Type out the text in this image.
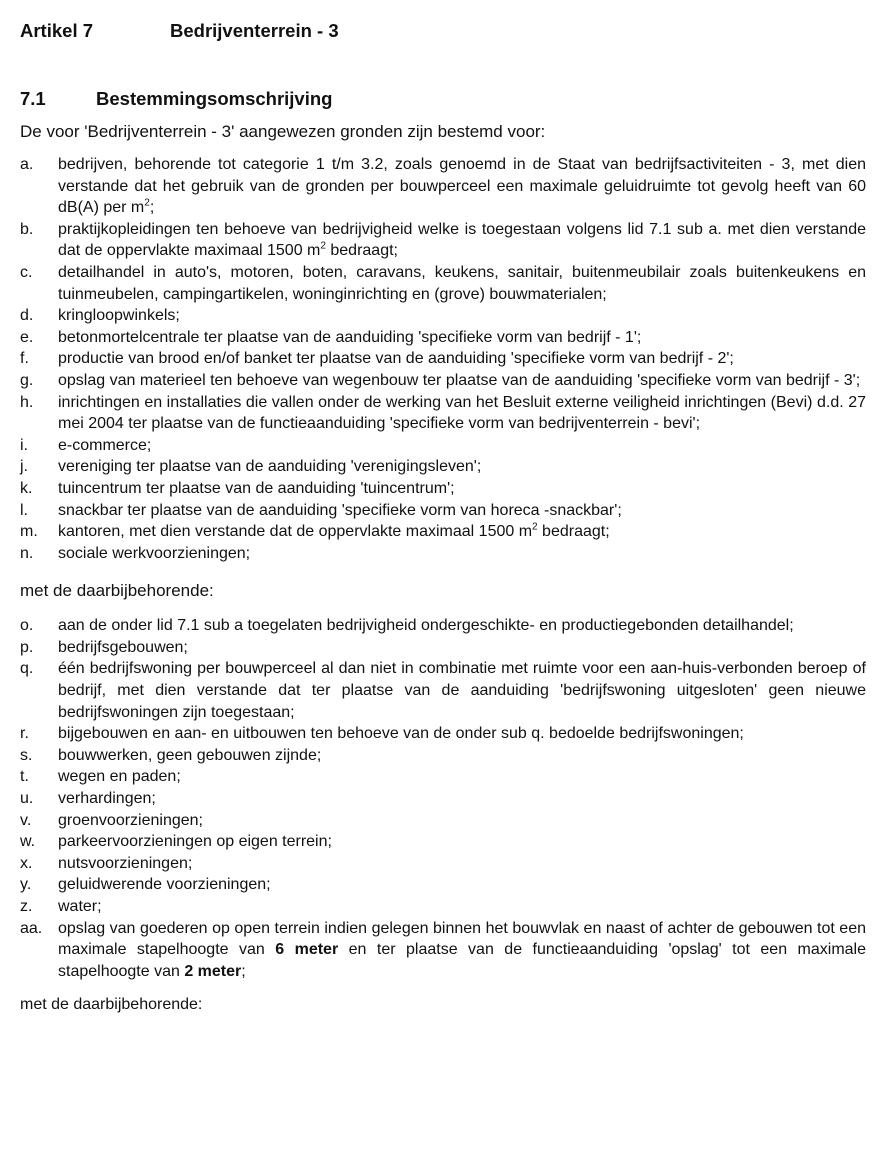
Artikel 7	Bedrijventerrein - 3
7.1	Bestemmingsomschrijving
De voor 'Bedrijventerrein - 3' aangewezen gronden zijn bestemd voor:
a.	bedrijven, behorende tot categorie 1 t/m 3.2, zoals genoemd in de Staat van bedrijfsactiviteiten - 3, met dien verstande dat het gebruik van de gronden per bouwperceel een maximale geluidruimte tot gevolg heeft van 60 dB(A) per $m^2$;
b.	praktijkopleidingen ten behoeve van bedrijvigheid welke is toegestaan volgens lid 7.1 sub a. met dien verstande dat de oppervlakte maximaal 1500 $m^2$ bedraagt;
c.	detailhandel in auto's, motoren, boten, caravans, keukens, sanitair, buitenmeubilair zoals buitenkeukens en tuinmeubelen, campingartikelen, woninginrichting en (grove) bouwmaterialen;
d.	kringloopwinkels;
e.	betonmortelcentrale ter plaatse van de aanduiding 'specifieke vorm van bedrijf - 1';
f.	productie van brood en/of banket ter plaatse van de aanduiding 'specifieke vorm van bedrijf - 2';
g.	opslag van materieel ten behoeve van wegenbouw ter plaatse van de aanduiding 'specifieke vorm van bedrijf - 3';
h.	inrichtingen en installaties die vallen onder de werking van het Besluit externe veiligheid inrichtingen (Bevi) d.d. 27 mei 2004 ter plaatse van de functieaanduiding 'specifieke vorm van bedrijventerrein - bevi';
i.	e-commerce;
j.	vereniging ter plaatse van de aanduiding 'verenigingsleven';
k.	tuincentrum ter plaatse van de aanduiding 'tuincentrum';
l.	snackbar ter plaatse van de aanduiding 'specifieke vorm van horeca -snackbar';
m.	kantoren, met dien verstande dat de oppervlakte maximaal 1500 $m^2$ bedraagt;
n.	sociale werkvoorzieningen;
met de daarbijbehorende:
o.	aan de onder lid 7.1 sub a toegelaten bedrijvigheid ondergeschikte- en productiegebonden detailhandel;
p.	bedrijfsgebouwen;
q.	één bedrijfswoning per bouwperceel al dan niet in combinatie met ruimte voor een aan-huis-verbonden beroep of bedrijf, met dien verstande dat ter plaatse van de aanduiding 'bedrijfswoning uitgesloten' geen nieuwe bedrijfswoningen zijn toegestaan;
r.	bijgebouwen en aan- en uitbouwen ten behoeve van de onder sub q. bedoelde bedrijfswoningen;
s.	bouwwerken, geen gebouwen zijnde;
t.	wegen en paden;
u.	verhardingen;
v.	groenvoorzieningen;
w.	parkeervoorzieningen op eigen terrein;
x.	nutsvoorzieningen;
y.	geluidwerende voorzieningen;
z.	water;
aa. opslag van goederen op open terrein indien gelegen binnen het bouwvlak en naast of achter de gebouwen tot een maximale stapelhoogte van 6 meter en ter plaatse van de functieaanduiding 'opslag' tot een maximale stapelhoogte van 2 meter;
met de daarbijbehorende:
